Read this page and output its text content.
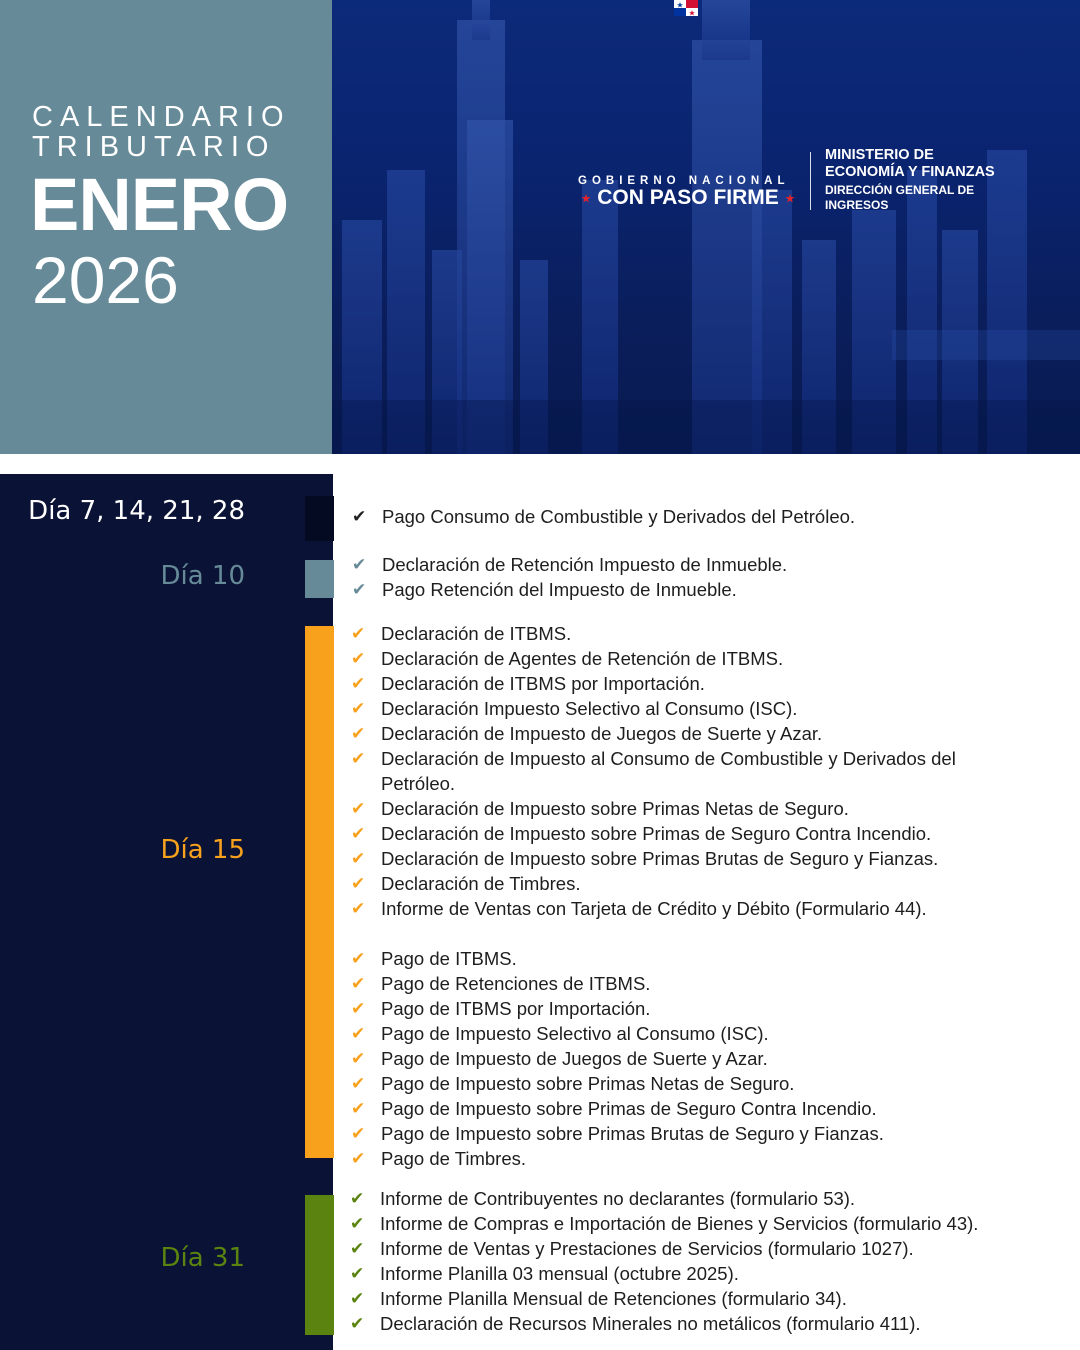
CALENDARIO
TRIBUTARIO
ENERO
2026
GOBIERNO NACIONAL
★ CON PASO FIRME ★
MINISTERIO DE
ECONOMÍA Y FINANZAS
DIRECCIÓN GENERAL DE
INGRESOS
Día 7, 14, 21, 28
Día 10
Día 15
Día 31
✔ Pago Consumo de Combustible y Derivados del Petróleo.
✔ Declaración de Retención Impuesto de Inmueble.
✔ Pago Retención del Impuesto de Inmueble.
✔ Declaración de ITBMS.
✔ Declaración de Agentes de Retención de ITBMS.
✔ Declaración de ITBMS por Importación.
✔ Declaración Impuesto Selectivo al Consumo (ISC).
✔ Declaración de Impuesto de Juegos de Suerte y Azar.
✔ Declaración de Impuesto al Consumo de Combustible y Derivados del Petróleo.
✔ Declaración de Impuesto sobre Primas Netas de Seguro.
✔ Declaración de Impuesto sobre Primas de Seguro Contra Incendio.
✔ Declaración de Impuesto sobre Primas Brutas de Seguro y Fianzas.
✔ Declaración de Timbres.
✔ Informe de Ventas con Tarjeta de Crédito y Débito (Formulario 44).
✔ Pago de ITBMS.
✔ Pago de Retenciones de ITBMS.
✔ Pago de ITBMS por Importación.
✔ Pago de Impuesto Selectivo al Consumo (ISC).
✔ Pago de Impuesto de Juegos de Suerte y Azar.
✔ Pago de Impuesto sobre Primas Netas de Seguro.
✔ Pago de Impuesto sobre Primas de Seguro Contra Incendio.
✔ Pago de Impuesto sobre Primas Brutas de Seguro y Fianzas.
✔ Pago de Timbres.
✔ Informe de Contribuyentes no declarantes (formulario 53).
✔ Informe de Compras e Importación de Bienes y Servicios (formulario 43).
✔ Informe de Ventas y Prestaciones de Servicios (formulario 1027).
✔ Informe Planilla 03 mensual (octubre 2025).
✔ Informe Planilla Mensual de Retenciones (formulario 34).
✔ Declaración de Recursos Minerales no metálicos (formulario 411).
